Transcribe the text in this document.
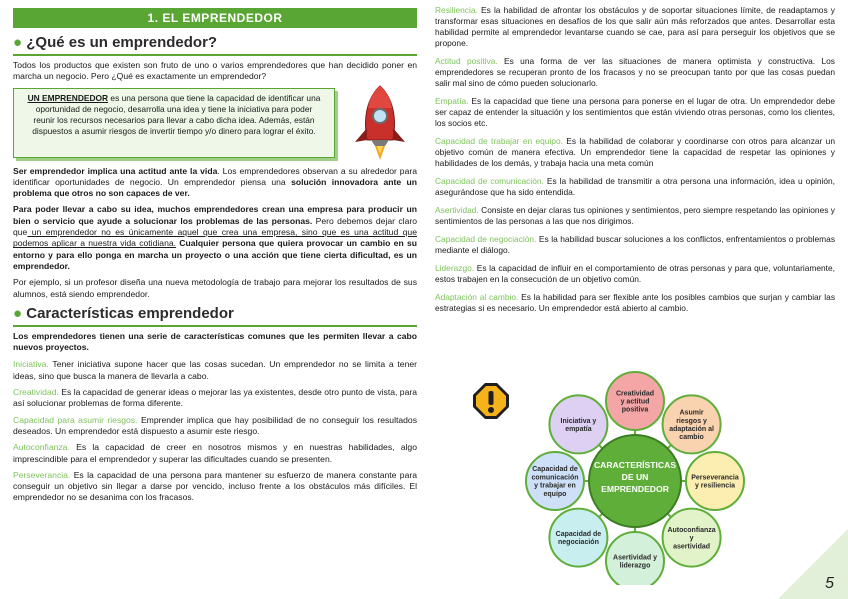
1. EL EMPRENDEDOR
● ¿Qué es un emprendedor?

Todos los productos que existen son fruto de uno o varios emprendedores que han decidido poner en marcha un negocio. Pero ¿Qué es exactamente un emprendedor?

UN EMPRENDEDOR es una persona que tiene la capacidad de identificar una oportunidad de negocio, desarrolla una idea y tiene la iniciativa para poder reunir los recursos necesarios para llevar a cabo dicha idea. Además, están dispuestos a asumir riesgos de invertir tiempo y/o dinero para lograr el éxito.

Ser emprendedor implica una actitud ante la vida. Los emprendedores observan a su alrededor para identificar oportunidades de negocio. Un emprendedor piensa una solución innovadora ante un problema que otros no son capaces de ver.

Para poder llevar a cabo su idea, muchos emprendedores crean una empresa para producir un bien o servicio que ayude a solucionar los problemas de las personas. Pero debemos dejar claro que un emprendedor no es únicamente aquel que crea una empresa, sino que es una actitud que podemos aplicar a nuestra vida cotidiana. Cualquier persona que quiera provocar un cambio en su entorno y para ello ponga en marcha un proyecto o una acción que tiene cierta dificultad, es un emprendedor.

Por ejemplo, si un profesor diseña una nueva metodología de trabajo para mejorar los resultados de sus alumnos, está siendo emprendedor.

● Características emprendedor

Los emprendedores tienen una serie de características comunes que les permiten llevar a cabo nuevos proyectos.

Iniciativa. Tener iniciativa supone hacer que las cosas sucedan. Un emprendedor no se limita a tener ideas, sino que busca la manera de llevarla a cabo.

Creatividad. Es la capacidad de generar ideas o mejorar las ya existentes, desde otro punto de vista, para así solucionar problemas de forma diferente.

Capacidad para asumir riesgos. Emprender implica que hay posibilidad de no conseguir los resultados deseados. Un emprendedor está dispuesto a asumir este riesgo.

Autoconfianza. Es la capacidad de creer en nosotros mismos y en nuestras habilidades, algo imprescindible para el emprendedor y superar las dificultades cuando se presenten.

Perseverancia. Es la capacidad de una persona para mantener su esfuerzo de manera constante para conseguir un objetivo sin llegar a darse por vencido, incluso frente a los obstáculos más difíciles. El emprendedor no se desanima con los fracasos.

Resiliencia. Es la habilidad de afrontar los obstáculos y de soportar situaciones límite, de readaptamos y transformar esas situaciones en desafíos de los que salir aún más reforzados que antes. Desarrollar esta habilidad permite al emprendedor levantarse cuando se cae, para así para perseguir los objetivos que se propone.

Actitud positiva. Es una forma de ver las situaciones de manera optimista y constructiva. Los emprendedores se recuperan pronto de los fracasos y no se preocupan tanto por que las cosas puedan salir mal sino de cómo pueden solucionarlo.

Empatía. Es la capacidad que tiene una persona para ponerse en el lugar de otra. Un emprendedor debe ser capaz de entender la situación y los sentimientos que están viviendo otras personas, como los clientes, los socios etc.

Capacidad de trabajar en equipo. Es la habilidad de colaborar y coordinarse con otros para alcanzar un objetivo común de manera efectiva. Un emprendedor tiene la capacidad de respetar las opiniones y habilidades de los demás, y trabaja hacia una meta común

Capacidad de comunicación. Es la habilidad de transmitir a otra persona una información, idea u opinión, asegurándose que ha sido entendida.

Asertividad. Consiste en dejar claras tus opiniones y sentimientos, pero siempre respetando las opiniones y sentimientos de las personas a las que nos dirigimos.

Capacidad de negociación. Es la habilidad buscar soluciones a los conflictos, enfrentamientos o problemas mediante el diálogo.

Liderazgo. Es la capacidad de influir en el comportamiento de otras personas y para que, voluntariamente, estos trabajen en la consecución de un objetivo común.

Adaptación al cambio. Es la habilidad para ser flexible ante los posibles cambios que surjan y cambiar las estrategias si es necesario. Un emprendedor está abierto al cambio.

Creatividad
y actitud
positiva	Asumir
riesgos y
adaptación al
cambio
Perseverancia
y resiliencia
Autoconfianza
y
asertividad
Asertividad y
liderazgo
Capacidad de
negociación
Capacidad de
comunicación
y trabajar en
equipo
Iniciativa y
empatía
CARACTERÍSTICAS
DE UN
EMPRENDEDOR
5
